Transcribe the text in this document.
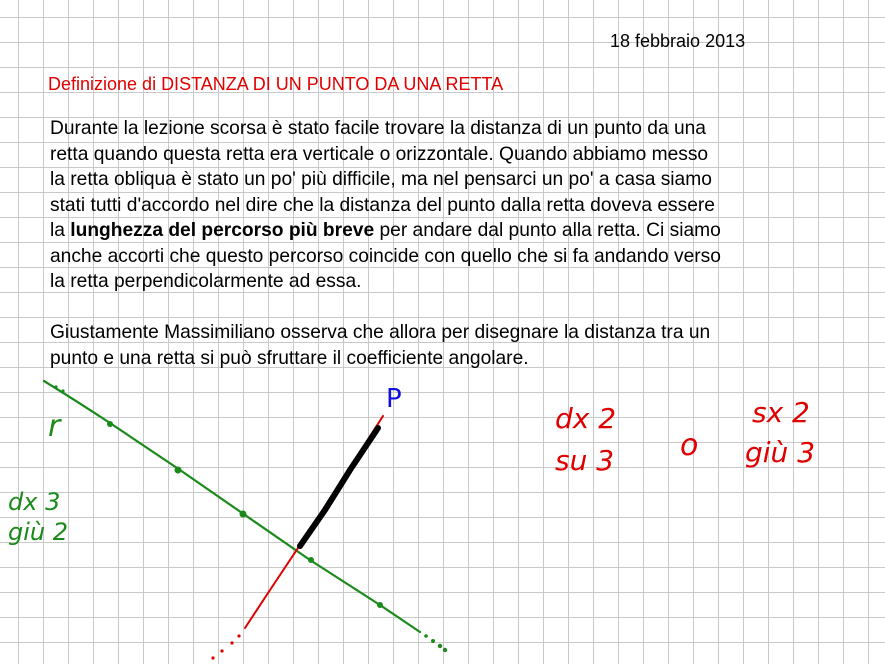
18 febbraio 2013
Definizione di DISTANZA DI UN PUNTO DA UNA RETTA
Durante la lezione scorsa è stato facile trovare la distanza di un punto da una
retta quando questa retta era verticale o orizzontale. Quando abbiamo messo
la retta obliqua è stato un po' più difficile, ma nel pensarci un po' a casa siamo
stati tutti d'accordo nel dire che la distanza del punto dalla retta doveva essere
la lunghezza del percorso più breve per andare dal punto alla retta. Ci siamo
anche accorti che questo percorso coincide con quello che si fa andando verso
la retta perpendicolarmente ad essa.
Giustamente Massimiliano osserva che allora per disegnare la distanza tra un
punto e una retta si può sfruttare il coefficiente angolare.
r
P
dx 3
giù 2
dx 2
su 3 o
sx 2
giù 3
